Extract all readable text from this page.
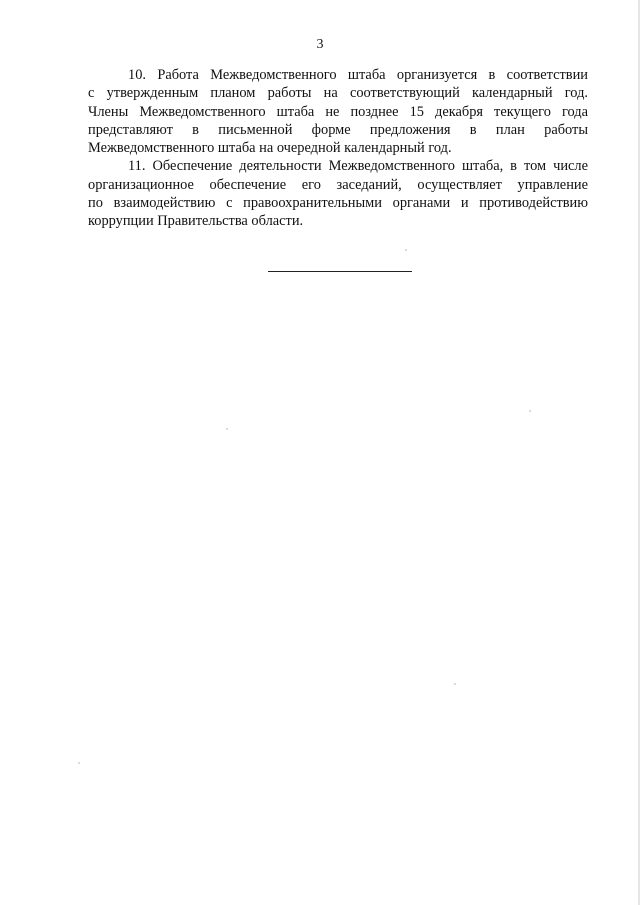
3
10. Работа Межведомственного штаба организуется в соответствии
с утвержденным планом работы на соответствующий календарный год.
Члены Межведомственного штаба не позднее 15 декабря текущего года
представляют в письменной форме предложения в план работы
Межведомственного штаба на очередной календарный год.
11. Обеспечение деятельности Межведомственного штаба, в том числе
организационное обеспечение его заседаний, осуществляет управление
по взаимодействию с правоохранительными органами и противодействию
коррупции Правительства области.
